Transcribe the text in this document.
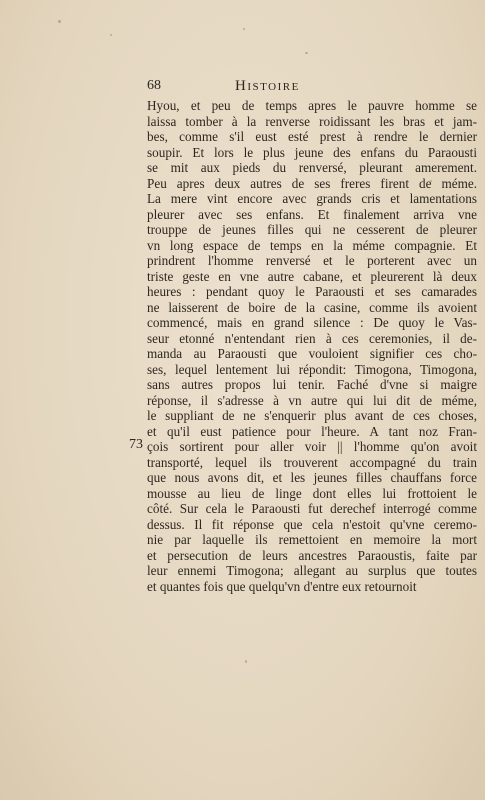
68	Histoire
73
Hyou, et peu de temps apres le pauvre homme se
laissa tomber à la renverse roidissant les bras et jam-
bes, comme s'il eust esté prest à rendre le dernier
soupir. Et lors le plus jeune des enfans du Paraousti
se mit aux pieds du renversé, pleurant amerement.
Peu apres deux autres de ses freres firent de méme.
La mere vint encore avec grands cris et lamentations
pleurer avec ses enfans. Et finalement arriva vne
trouppe de jeunes filles qui ne cesserent de pleurer
vn long espace de temps en la méme compagnie. Et
prindrent l'homme renversé et le porterent avec un
triste geste en vne autre cabane, et pleurerent là deux
heures : pendant quoy le Paraousti et ses camarades
ne laisserent de boire de la casine, comme ils avoient
commencé, mais en grand silence : De quoy le Vas-
seur etonné n'entendant rien à ces ceremonies, il de-
manda au Paraousti que vouloient signifier ces cho-
ses, lequel lentement lui répondit: Timogona, Timogona,
sans autres propos lui tenir. Faché d'vne si maigre
réponse, il s'adresse à vn autre qui lui dit de méme,
le suppliant de ne s'enquerir plus avant de ces choses,
et qu'il eust patience pour l'heure. A tant noz Fran-
çois sortirent pour aller voir || l'homme qu'on avoit
transporté, lequel ils trouverent accompagné du train
que nous avons dit, et les jeunes filles chauffans force
mousse au lieu de linge dont elles lui frottoient le
côté. Sur cela le Paraousti fut derechef interrogé comme
dessus. Il fit réponse que cela n'estoit qu'vne ceremo-
nie par laquelle ils remettoient en memoire la mort
et persecution de leurs ancestres Paraoustis, faite par
leur ennemi Timogona; allegant au surplus que toutes
et quantes fois que quelqu'vn d'entre eux retournoit
